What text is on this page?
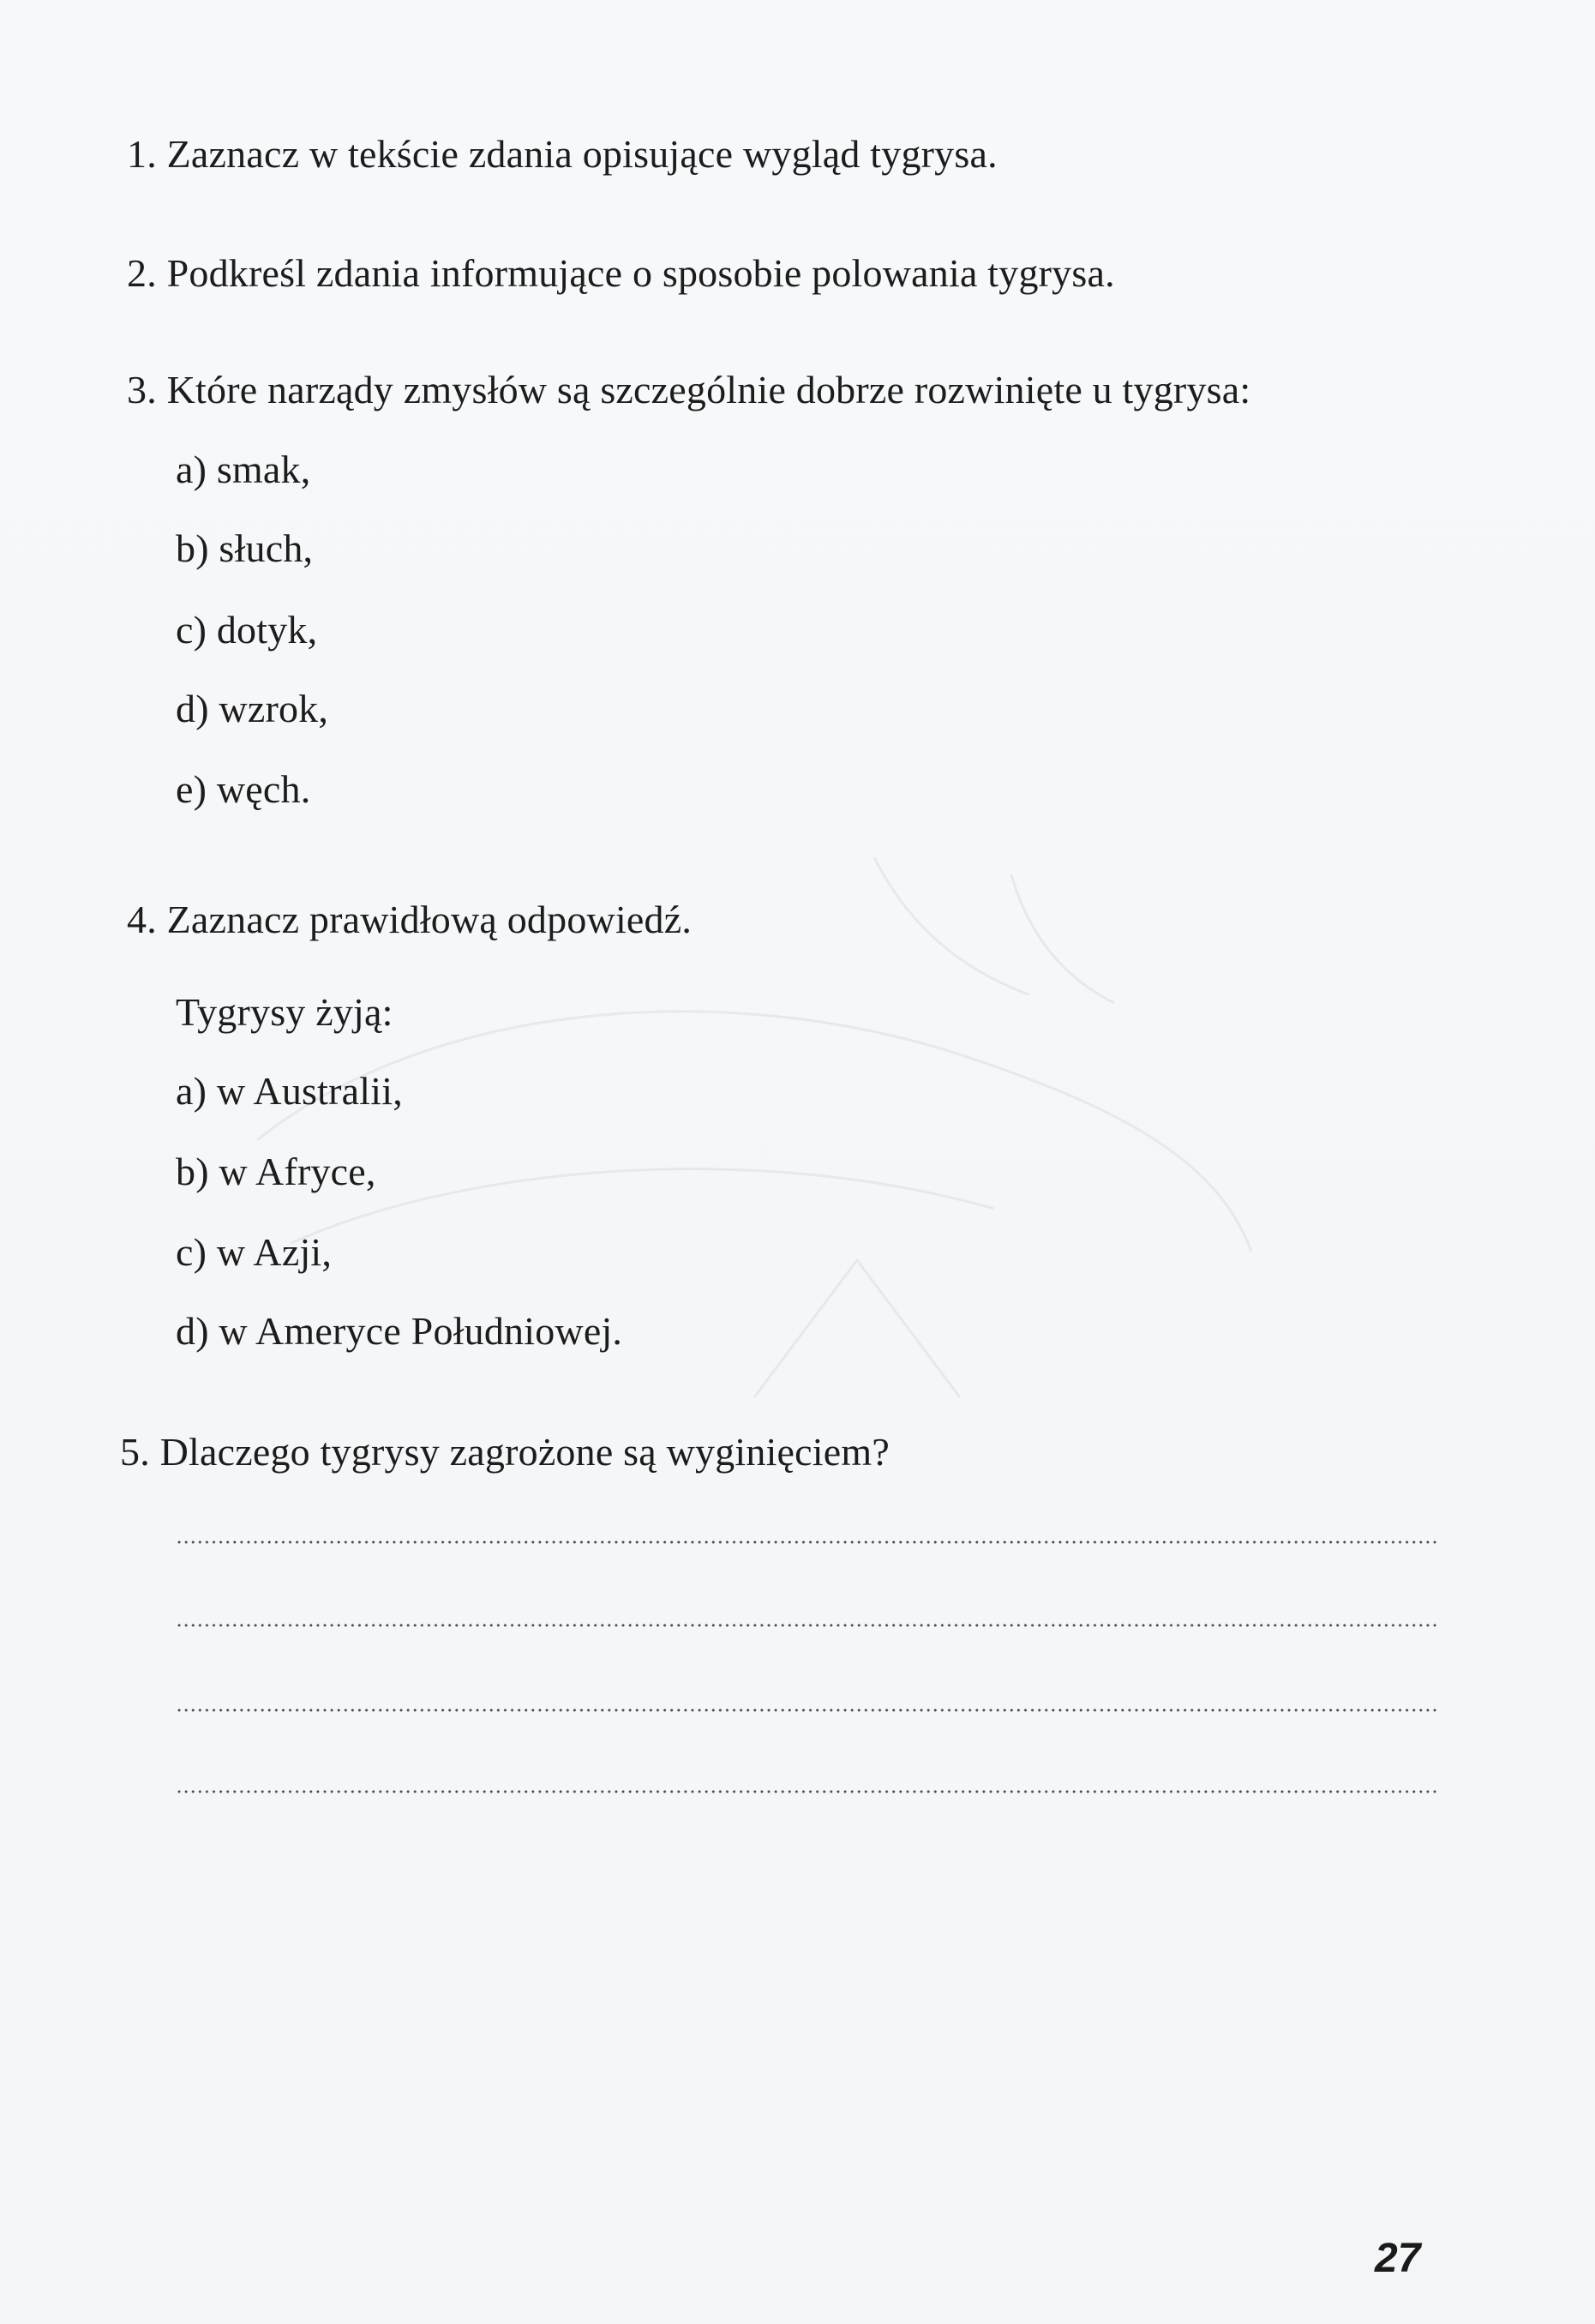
1. Zaznacz w tekście zdania opisujące wygląd tygrysa.

2. Podkreśl zdania informujące o sposobie polowania tygrysa.

3. Które narządy zmysłów są szczególnie dobrze rozwinięte u tygrysa:

a) smak,

b) słuch,

c) dotyk,

d) wzrok,

e) węch.

4. Zaznacz prawidłową odpowiedź.

Tygrysy żyją:

a) w Australii,

b) w Afryce,

c) w Azji,

d) w Ameryce Południowej.

5. Dlaczego tygrysy zagrożone są wyginięciem?

27
